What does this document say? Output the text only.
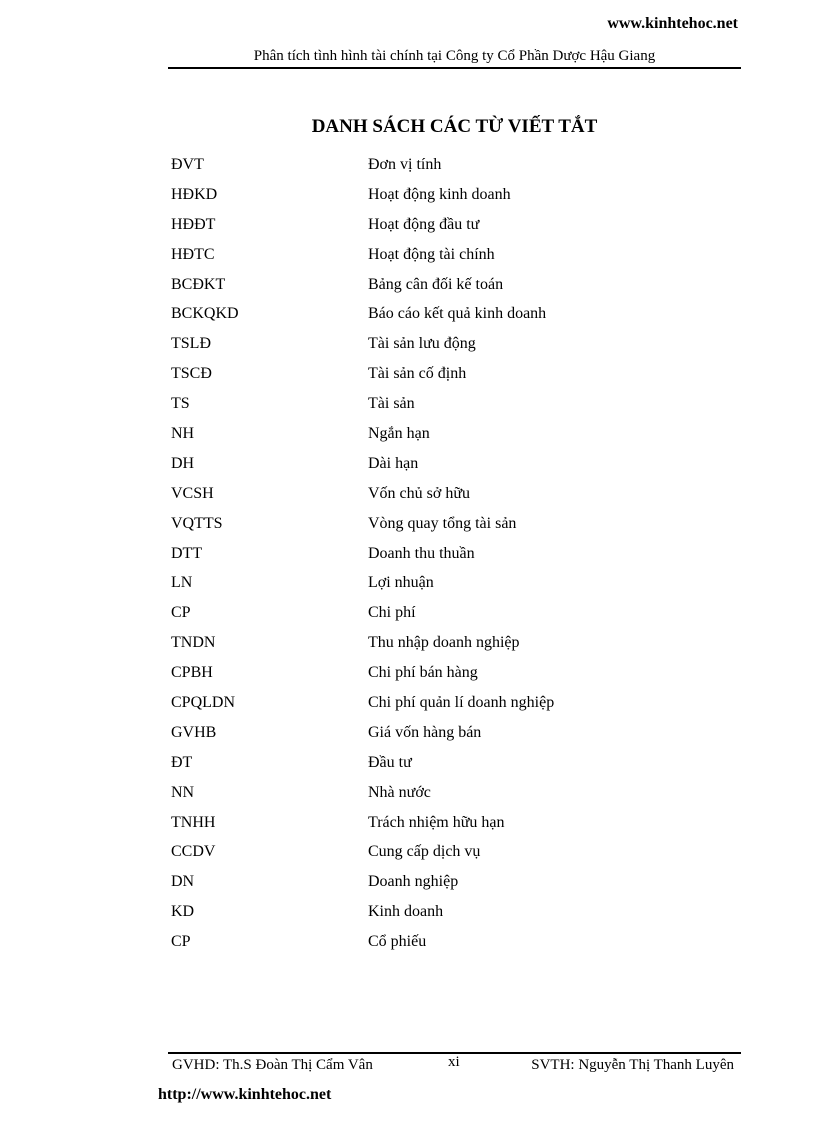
www.kinhtehoc.net
Phân tích tình hình tài chính tại Công ty Cổ Phần Dược Hậu Giang
DANH SÁCH CÁC TỪ VIẾT TẮT
ĐVT	Đơn vị tính
HĐKD	Hoạt động kinh doanh
HĐĐT	Hoạt động đầu tư
HĐTC	Hoạt động tài chính
BCĐKT	Bảng cân đối kế toán
BCKQKD	Báo cáo kết quả kinh doanh
TSLĐ	Tài sản lưu động
TSCĐ	Tài sản cố định
TS	Tài sản
NH	Ngắn hạn
DH	Dài hạn
VCSH	Vốn chủ sở hữu
VQTTS	Vòng quay tổng tài sản
DTT	Doanh thu thuần
LN	Lợi nhuận
CP	Chi phí
TNDN	Thu nhập doanh nghiệp
CPBH	Chi phí bán hàng
CPQLDN	Chi phí quản lí doanh nghiệp
GVHB	Giá vốn hàng bán
ĐT	Đầu tư
NN	Nhà nước
TNHH	Trách nhiệm hữu hạn
CCDV	Cung cấp dịch vụ
DN	Doanh nghiệp
KD	Kinh doanh
CP	Cổ phiếu
GVHD: Th.S Đoàn Thị Cẩm Vân	xi	SVTH: Nguyễn Thị Thanh Luyên
http://www.kinhtehoc.net
